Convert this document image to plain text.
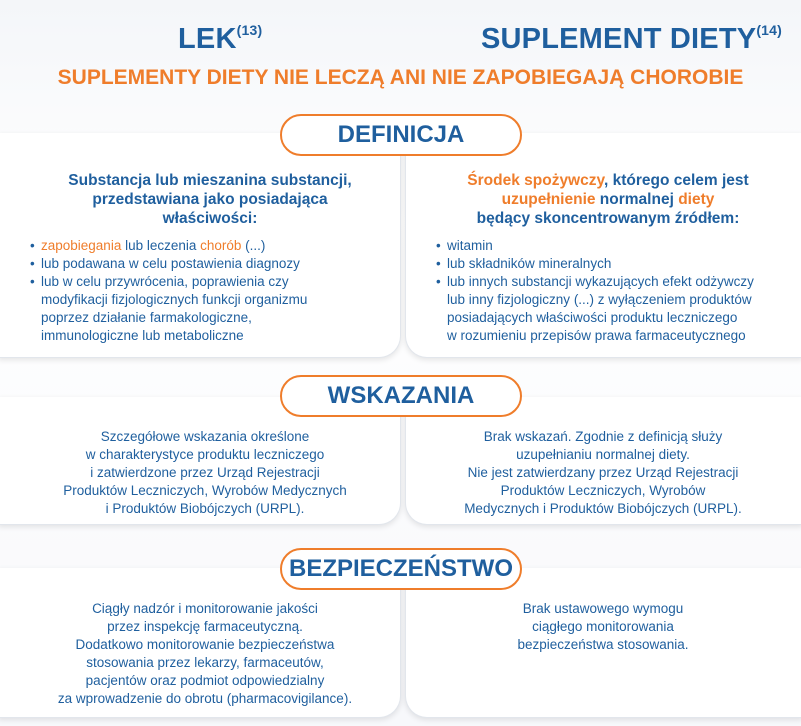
LEK$^{(13)}$	SUPLEMENT DIETY$^{(14)}$
SUPLEMENTY DIETY NIE LECZĄ ANI NIE ZAPOBIEGAJĄ CHOROBIE
DEFINICJA
Substancja lub mieszanina substancji,
przedstawiana jako posiadająca
właściwości:
• zapobiegania lub leczenia chorób (...)
• lub podawana w celu postawienia diagnozy
• lub w celu przywrócenia, poprawienia czy
modyfikacji fizjologicznych funkcji organizmu
poprzez działanie farmakologiczne,
immunologiczne lub metaboliczne
Środek spożywczy, którego celem jest
uzupełnienie normalnej diety
będący skoncentrowanym źródłem:
• witamin
• lub składników mineralnych
• lub innych substancji wykazujących efekt odżywczy
lub inny fizjologiczny (...) z wyłączeniem produktów
posiadających właściwości produktu leczniczego
w rozumieniu przepisów prawa farmaceutycznego
WSKAZANIA
Szczegółowe wskazania określone
w charakterystyce produktu leczniczego
i zatwierdzone przez Urząd Rejestracji
Produktów Leczniczych, Wyrobów Medycznych
i Produktów Biobójczych (URPL).
Brak wskazań. Zgodnie z definicją służy
uzupełnianiu normalnej diety.
Nie jest zatwierdzany przez Urząd Rejestracji
Produktów Leczniczych, Wyrobów
Medycznych i Produktów Biobójczych (URPL).
BEZPIECZEŃSTWO
Ciągły nadzór i monitorowanie jakości
przez inspekcję farmaceutyczną.
Dodatkowo monitorowanie bezpieczeństwa
stosowania przez lekarzy, farmaceutów,
pacjentów oraz podmiot odpowiedzialny
za wprowadzenie do obrotu (pharmacovigilance).
Brak ustawowego wymogu
ciągłego monitorowania
bezpieczeństwa stosowania.
